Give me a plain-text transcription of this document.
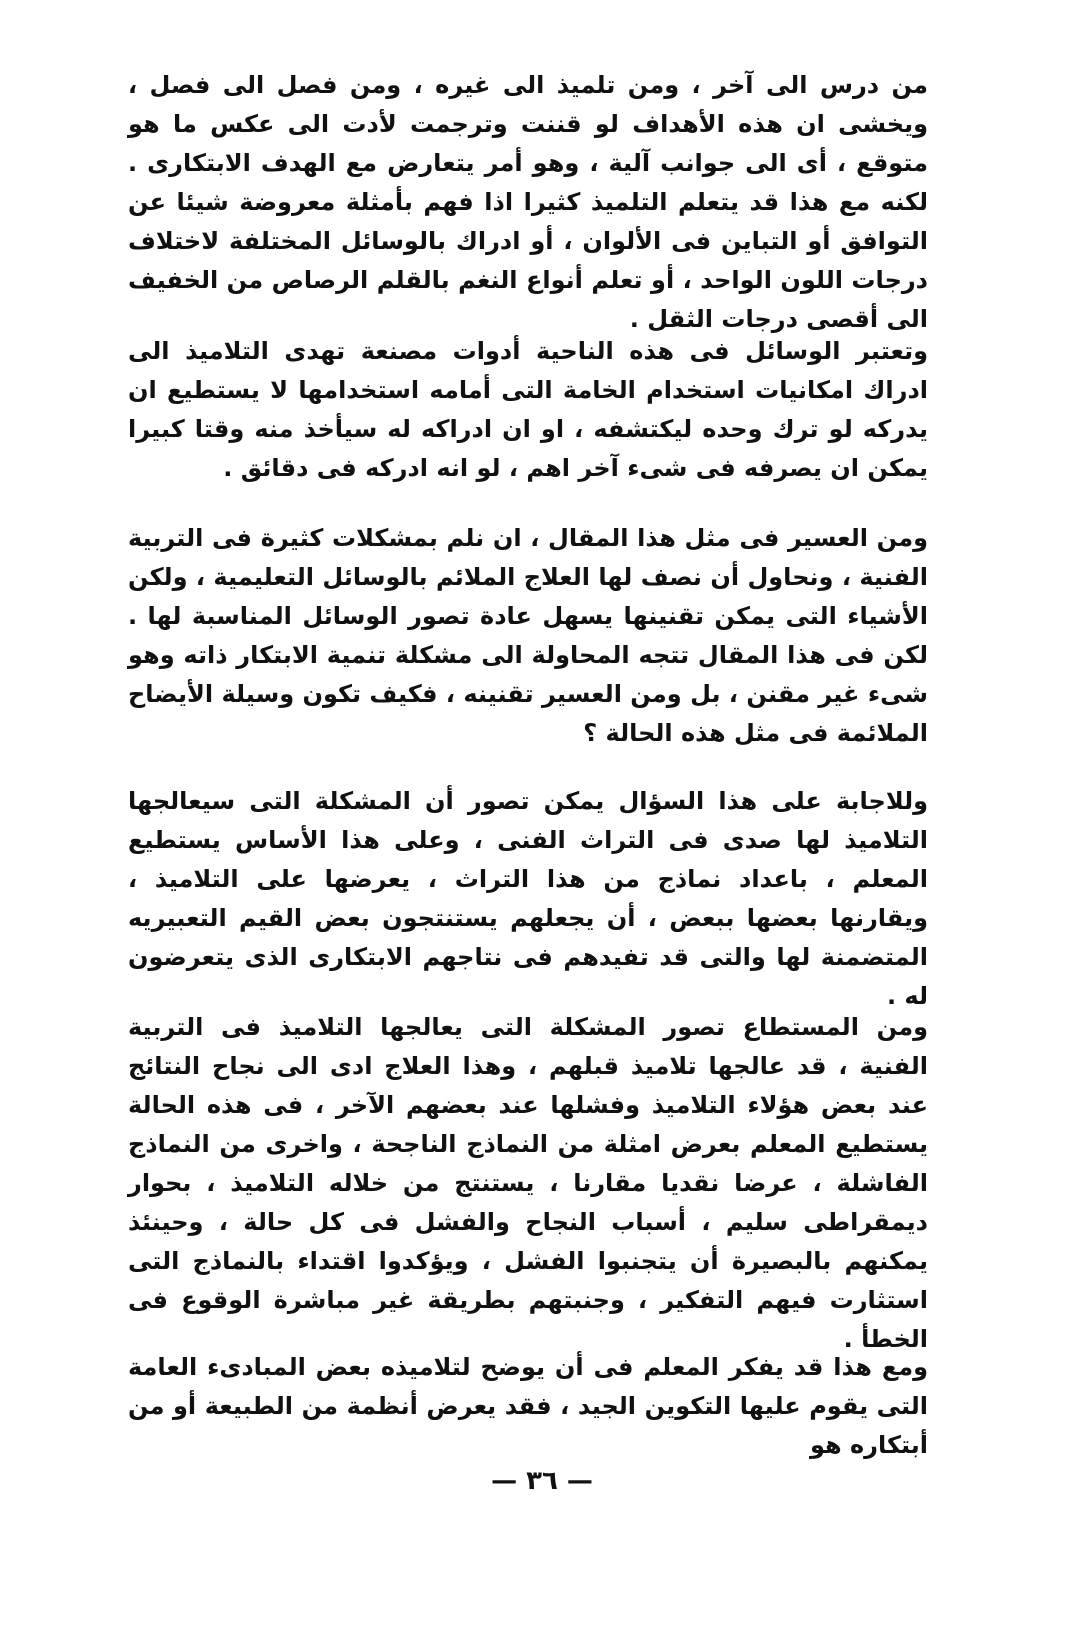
من درس الى آخر ، ومن تلميذ الى غيره ، ومن فصل الى فصل ، ويخشى ان هذه الأهداف لو قننت وترجمت لأدت الى عكس ما هو متوقع ، أى الى جوانب آلية ، وهو أمر يتعارض مع الهدف الابتكارى . لكنه مع هذا قد يتعلم التلميذ كثيرا اذا فهم بأمثلة معروضة شيئا عن التوافق أو التباين فى الألوان ، أو ادراك بالوسائل المختلفة لاختلاف درجات اللون الواحد ، أو تعلم أنواع النغم بالقلم الرصاص من الخفيف الى أقصى درجات الثقل .

وتعتبر الوسائل فى هذه الناحية أدوات مصنعة تهدى التلاميذ الى ادراك امكانيات استخدام الخامة التى أمامه استخدامها لا يستطيع ان يدركه لو ترك وحده ليكتشفه ، او ان ادراكه له سيأخذ منه وقتا كبيرا يمكن ان يصرفه فى شىء آخر اهم ، لو انه ادركه فى دقائق .

ومن العسير فى مثل هذا المقال ، ان نلم بمشكلات كثيرة فى التربية الفنية ، ونحاول أن نصف لها العلاج الملائم بالوسائل التعليمية ، ولكن الأشياء التى يمكن تقنينها يسهل عادة تصور الوسائل المناسبة لها . لكن فى هذا المقال تتجه المحاولة الى مشكلة تنمية الابتكار ذاته وهو شىء غير مقنن ، بل ومن العسير تقنينه ، فكيف تكون وسيلة الأيضاح الملائمة فى مثل هذه الحالة ؟

وللاجابة على هذا السؤال يمكن تصور أن المشكلة التى سيعالجها التلاميذ لها صدى فى التراث الفنى ، وعلى هذا الأساس يستطيع المعلم ، باعداد نماذج من هذا التراث ، يعرضها على التلاميذ ، ويقارنها بعضها ببعض ، أن يجعلهم يستنتجون بعض القيم التعبيريه المتضمنة لها والتى قد تفيدهم فى نتاجهم الابتكارى الذى يتعرضون له .

ومن المستطاع تصور المشكلة التى يعالجها التلاميذ فى التربية الفنية ، قد عالجها تلاميذ قبلهم ، وهذا العلاج ادى الى نجاح النتائج عند بعض هؤلاء التلاميذ وفشلها عند بعضهم الآخر ، فى هذه الحالة يستطيع المعلم بعرض امثلة من النماذج الناجحة ، واخرى من النماذج الفاشلة ، عرضا نقديا مقارنا ، يستنتج من خلاله التلاميذ ، بحوار ديمقراطى سليم ، أسباب النجاح والفشل فى كل حالة ، وحينئذ يمكنهم بالبصيرة أن يتجنبوا الفشل ، ويؤكدوا اقتداء بالنماذج التى استثارت فيهم التفكير ، وجنبتهم بطريقة غير مباشرة الوقوع فى الخطأ .

ومع هذا قد يفكر المعلم فى أن يوضح لتلاميذه بعض المبادىء العامة التى يقوم عليها التكوين الجيد ، فقد يعرض أنظمة من الطبيعة أو من أبتكاره هو

— ٣٦ —
